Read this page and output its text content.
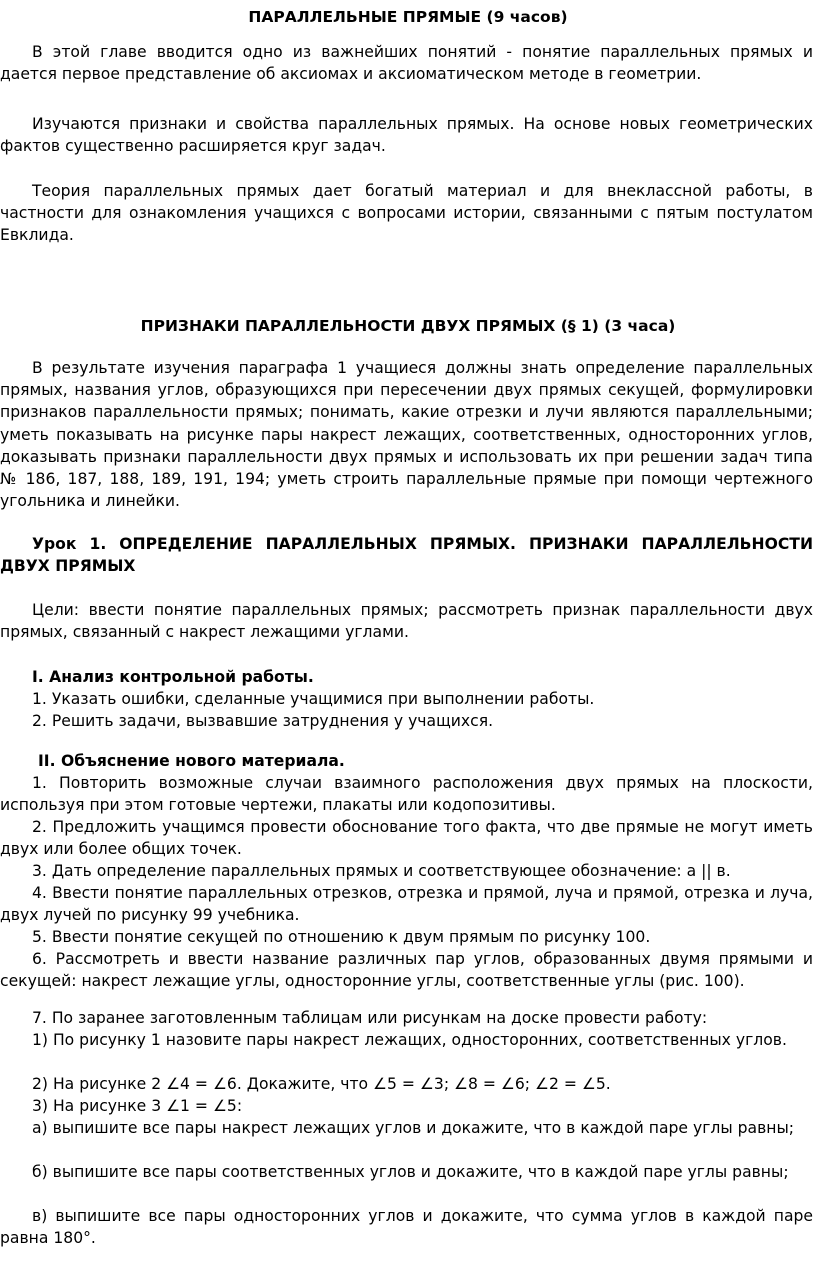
ПАРАЛЛЕЛЬНЫЕ ПРЯМЫЕ (9 часов)

В этой главе вводится одно из важнейших понятий - понятие параллельных прямых и дается первое представление об аксиомах и аксиоматическом методе в геометрии.

Изучаются признаки и свойства параллельных прямых. На основе новых геометрических фактов существенно расширяется круг задач.

Теория параллельных прямых дает богатый материал и для внеклассной работы, в частности для ознакомления учащихся с вопросами истории, связанными с пятым постулатом Евклида.

ПРИЗНАКИ ПАРАЛЛЕЛЬНОСТИ ДВУХ ПРЯМЫХ (§ 1) (3 часа)

В результате изучения параграфа 1 учащиеся должны знать определение параллельных прямых, названия углов, образующихся при пересечении двух прямых секущей, формулировки признаков параллельности прямых; понимать, какие отрезки и лучи являются параллельными; уметь показывать на рисунке пары накрест лежащих, соответственных, односторонних углов, доказывать признаки параллельности двух прямых и использовать их при решении задач типа № 186, 187, 188, 189, 191, 194; уметь строить параллельные прямые при помощи чертежного угольника и линейки.

Урок 1. ОПРЕДЕЛЕНИЕ ПАРАЛЛЕЛЬНЫХ ПРЯМЫХ. ПРИЗНАКИ ПАРАЛЛЕЛЬНОСТИ ДВУХ ПРЯМЫХ

Цели: ввести понятие параллельных прямых; рассмотреть признак параллельности двух прямых, связанный с накрест лежащими углами.

I. Анализ контрольной работы.

1. Указать ошибки, сделанные учащимися при выполнении работы.

2. Решить задачи, вызвавшие затруднения у учащихся.

II. Объяснение нового материала.

1. Повторить возможные случаи взаимного расположения двух прямых на плоскости, используя при этом готовые чертежи, плакаты или кодопозитивы.

2. Предложить учащимся провести обоснование того факта, что две прямые не могут иметь двух или более общих точек.

3. Дать определение параллельных прямых и соответствующее обозначение: а || в.

4. Ввести понятие параллельных отрезков, отрезка и прямой, луча и прямой, отрезка и луча, двух лучей по рисунку 99 учебника.

5. Ввести понятие секущей по отношению к двум прямым по рисунку 100.

6. Рассмотреть и ввести название различных пар углов, образованных двумя прямыми и секущей: накрест лежащие углы, односторонние углы, соответственные углы (рис. 100).

7. По заранее заготовленным таблицам или рисункам на доске провести работу:

1) По рисунку 1 назовите пары накрест лежащих, односторонних, соответственных углов.

2) На рисунке 2 ∠4 = ∠6. Докажите, что ∠5 = ∠3; ∠8 = ∠6; ∠2 = ∠5.

3) На рисунке 3 ∠1 = ∠5:

а) выпишите все пары накрест лежащих углов и докажите, что в каждой паре углы равны;

б) выпишите все пары соответственных углов и докажите, что в каждой паре углы равны;

в) выпишите все пары односторонних углов и докажите, что сумма углов в каждой паре равна 180°.
